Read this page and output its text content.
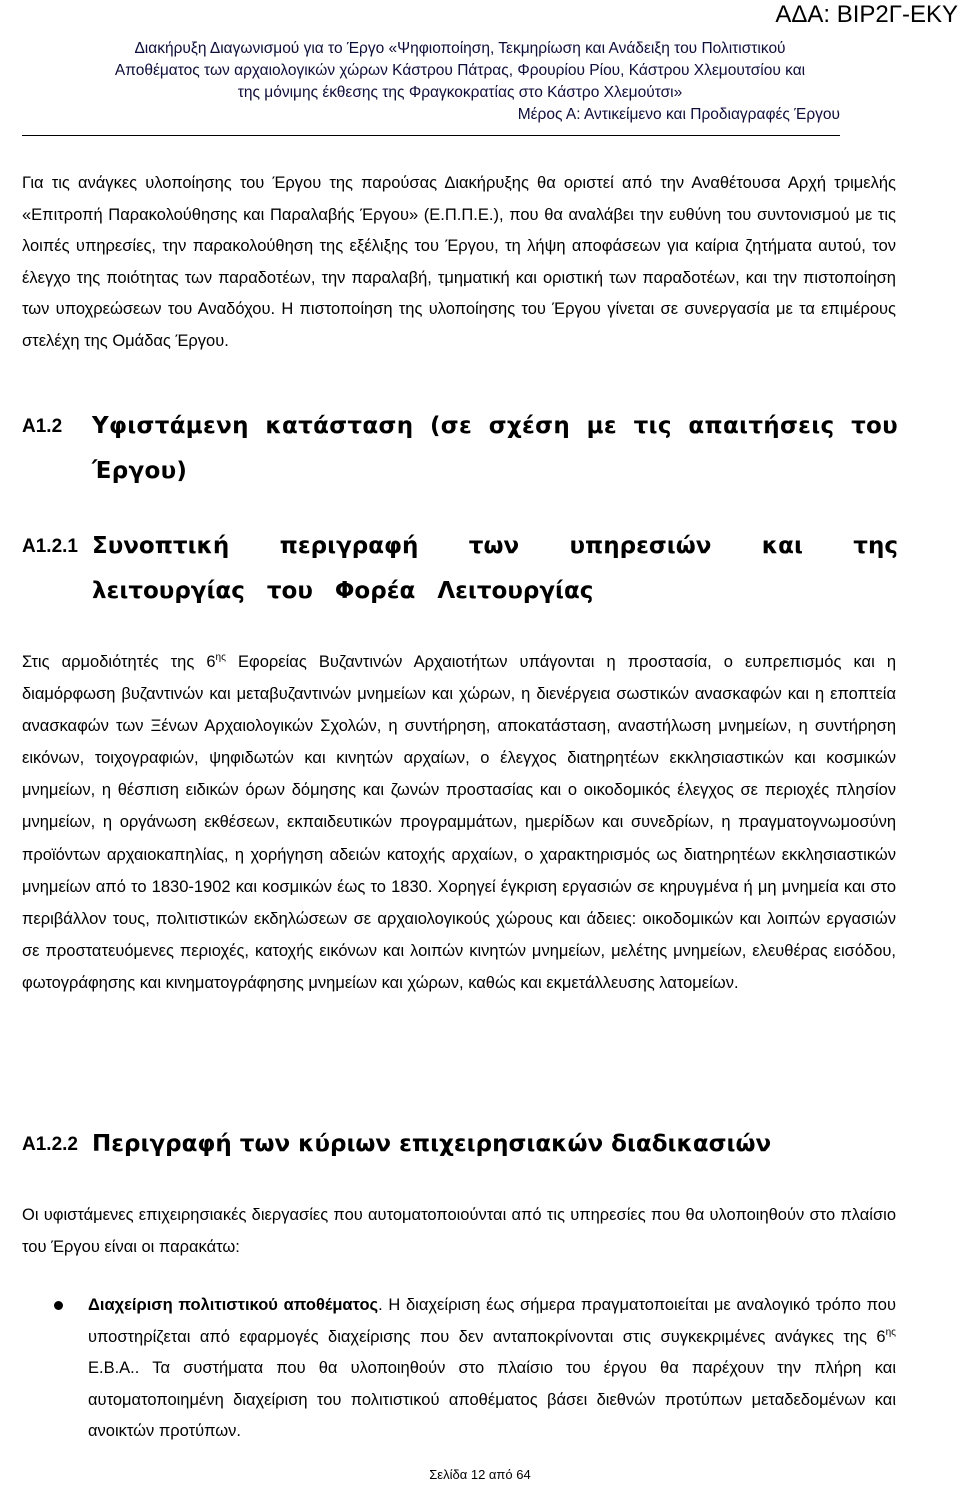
ΑΔΑ: ΒΙΡ2Γ-ΕΚΥ
Διακήρυξη Διαγωνισμού για το Έργο «Ψηφιοποίηση, Τεκμηρίωση και Ανάδειξη του Πολιτιστικού
Αποθέματος των αρχαιολογικών χώρων Κάστρου Πάτρας, Φρουρίου Ρίου, Κάστρου Χλεμουτσίου και
της μόνιμης έκθεσης της Φραγκοκρατίας στο Κάστρο Χλεμούτσι»
Μέρος Α: Αντικείμενο και Προδιαγραφές Έργου

Για τις ανάγκες υλοποίησης του Έργου της παρούσας Διακήρυξης θα οριστεί από την Αναθέτουσα Αρχή τριμελής «Επιτροπή Παρακολούθησης και Παραλαβής Έργου» (Ε.Π.Π.Ε.), που θα αναλάβει την ευθύνη του συντονισμού με τις λοιπές υπηρεσίες, την παρακολούθηση της εξέλιξης του Έργου, τη λήψη αποφάσεων για καίρια ζητήματα αυτού, τον έλεγχο της ποιότητας των παραδοτέων, την παραλαβή, τμηματική και οριστική των παραδοτέων, και την πιστοποίηση των υποχρεώσεων του Αναδόχου. Η πιστοποίηση της υλοποίησης του Έργου γίνεται σε συνεργασία με τα επιμέρους στελέχη της Ομάδας Έργου.

Α1.2 Υφιστάμενη κατάσταση (σε σχέση με τις απαιτήσεις του Έργου)
Α1.2.1 Συνοπτική περιγραφή των υπηρεσιών και της λειτουργίας του Φορέα Λειτουργίας

Στις αρμοδιότητές της $6^{\eta\varsigma}$ Εφορείας Βυζαντινών Αρχαιοτήτων υπάγονται η προστασία, ο ευπρεπισμός και η διαμόρφωση βυζαντινών και μεταβυζαντινών μνημείων και χώρων, η διενέργεια σωστικών ανασκαφών και η εποπτεία ανασκαφών των Ξένων Αρχαιολογικών Σχολών, η συντήρηση, αποκατάσταση, αναστήλωση μνημείων, η συντήρηση εικόνων, τοιχογραφιών, ψηφιδωτών και κινητών αρχαίων, ο έλεγχος διατηρητέων εκκλησιαστικών και κοσμικών μνημείων, η θέσπιση ειδικών όρων δόμησης και ζωνών προστασίας και ο οικοδομικός έλεγχος σε περιοχές πλησίον μνημείων, η οργάνωση εκθέσεων, εκπαιδευτικών προγραμμάτων, ημερίδων και συνεδρίων, η πραγματογνωμοσύνη προϊόντων αρχαιοκαπηλίας, η χορήγηση αδειών κατοχής αρχαίων, ο χαρακτηρισμός ως διατηρητέων εκκλησιαστικών μνημείων από το 1830-1902 και κοσμικών έως το 1830. Χορηγεί έγκριση εργασιών σε κηρυγμένα ή μη μνημεία και στο περιβάλλον τους, πολιτιστικών εκδηλώσεων σε αρχαιολογικούς χώρους και άδειες: οικοδομικών και λοιπών εργασιών σε προστατευόμενες περιοχές, κατοχής εικόνων και λοιπών κινητών μνημείων, μελέτης μνημείων, ελευθέρας εισόδου, φωτογράφησης και κινηματογράφησης μνημείων και χώρων, καθώς και εκμετάλλευσης λατομείων.

Α1.2.2 Περιγραφή των κύριων επιχειρησιακών διαδικασιών

Οι υφιστάμενες επιχειρησιακές διεργασίες που αυτοματοποιούνται από τις υπηρεσίες που θα υλοποιηθούν στο πλαίσιο του Έργου είναι οι παρακάτω:

Διαχείριση πολιτιστικού αποθέματος. Η διαχείριση έως σήμερα πραγματοποιείται με αναλογικό τρόπο που υποστηρίζεται από εφαρμογές διαχείρισης που δεν ανταποκρίνονται στις συγκεκριμένες ανάγκες της $6^{\eta\varsigma}$ Ε.Β.Α.. Τα συστήματα που θα υλοποιηθούν στο πλαίσιο του έργου θα παρέχουν την πλήρη και αυτοματοποιημένη διαχείριση του πολιτιστικού αποθέματος βάσει διεθνών προτύπων μεταδεδομένων και ανοικτών προτύπων.
Σελίδα 12 από 64
